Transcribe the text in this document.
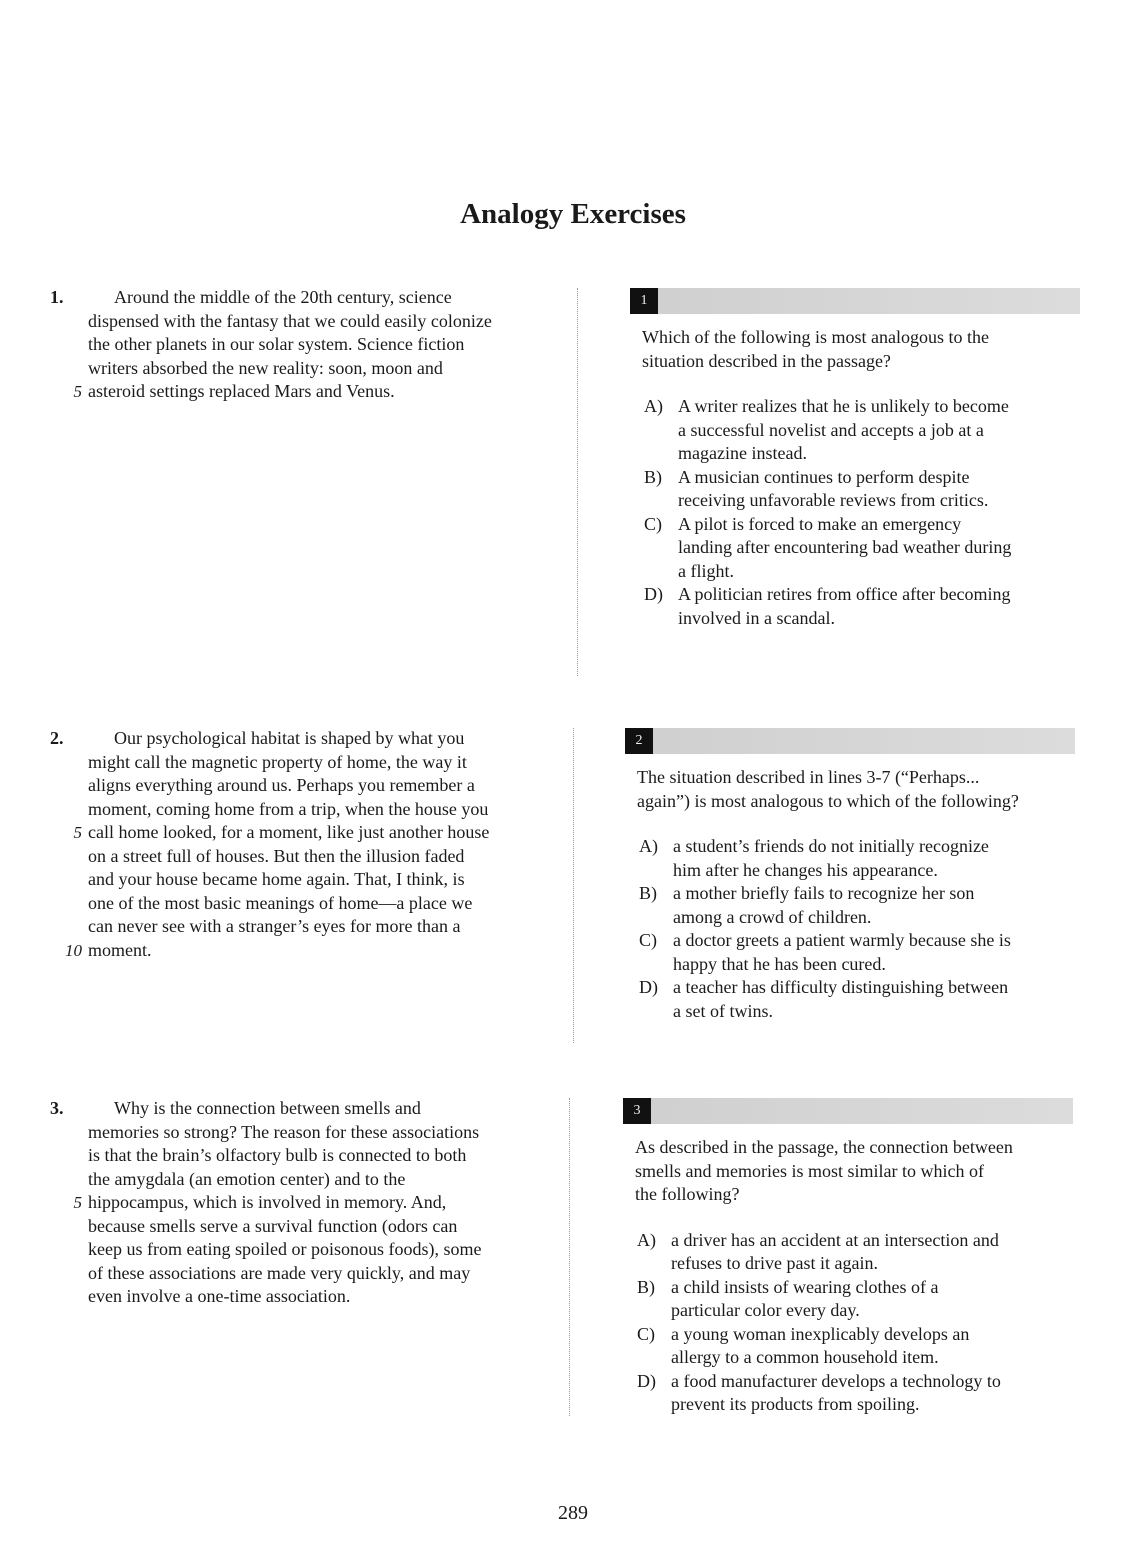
Analogy Exercises
1.	Around the middle of the 20th century, science
dispensed with the fantasy that we could easily colonize
the other planets in our solar system. Science fiction
writers absorbed the new reality: soon, moon and
5 asteroid settings replaced Mars and Venus.
2.	Our psychological habitat is shaped by what you
might call the magnetic property of home, the way it
aligns everything around us. Perhaps you remember a
moment, coming home from a trip, when the house you
5 call home looked, for a moment, like just another house
on a street full of houses. But then the illusion faded
and your house became home again. That, I think, is
one of the most basic meanings of home—a place we
can never see with a stranger’s eyes for more than a
10 moment.
3.	Why is the connection between smells and
memories so strong? The reason for these associations
is that the brain’s olfactory bulb is connected to both
the amygdala (an emotion center) and to the
5 hippocampus, which is involved in memory. And,
because smells serve a survival function (odors can
keep us from eating spoiled or poisonous foods), some
of these associations are made very quickly, and may
even involve a one-time association.
1
Which of the following is most analogous to the
situation described in the passage?
A) A writer realizes that he is unlikely to become
a successful novelist and accepts a job at a
magazine instead.
B) A musician continues to perform despite
receiving unfavorable reviews from critics.
C) A pilot is forced to make an emergency
landing after encountering bad weather during
a flight.
D) A politician retires from office after becoming
involved in a scandal.
2
The situation described in lines 3-7 (“Perhaps...
again”) is most analogous to which of the following?
A) a student’s friends do not initially recognize
him after he changes his appearance.
B) a mother briefly fails to recognize her son
among a crowd of children.
C) a doctor greets a patient warmly because she is
happy that he has been cured.
D) a teacher has difficulty distinguishing between
a set of twins.
3
As described in the passage, the connection between
smells and memories is most similar to which of
the following?
A) a driver has an accident at an intersection and
refuses to drive past it again.
B) a child insists of wearing clothes of a
particular color every day.
C) a young woman inexplicably develops an
allergy to a common household item.
D) a food manufacturer develops a technology to
prevent its products from spoiling.
289
